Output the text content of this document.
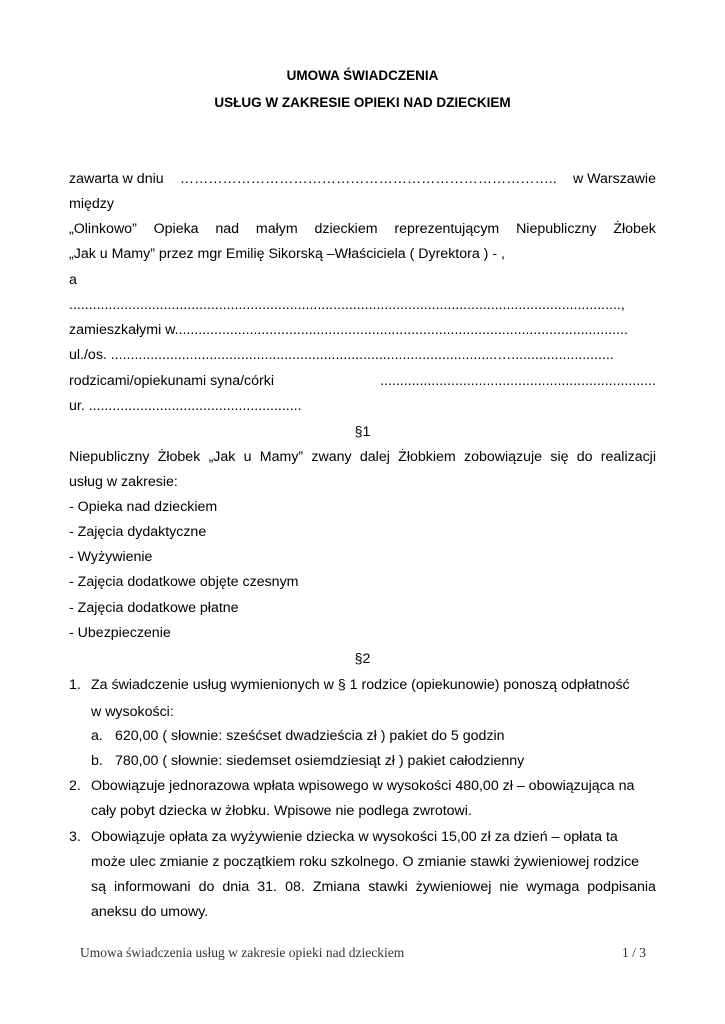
UMOWA ŚWIADCZENIA
USŁUG W ZAKRESIE OPIEKI NAD DZIECKIEM
zawarta w dniu …………………………………………………………………….. w Warszawie
między
„Olinkowo” Opieka nad małym dzieckiem reprezentującym Niepubliczny Żłobek
„Jak u Mamy” przez mgr Emilię Sikorską –Właściciela ( Dyrektora ) - ,
a
............................................................................................................................................,
zamieszkałymi w...................................................................................................................
ul./os. ..................................................................................................…..........................
rodzicami/opiekunami syna/córki	......................................................................
ur. ......................................................
§1
Niepubliczny Żłobek „Jak u Mamy” zwany dalej Żłobkiem zobowiązuje się do realizacji
usług w zakresie:
- Opieka nad dzieckiem
- Zajęcia dydaktyczne
- Wyżywienie
- Zajęcia dodatkowe objęte czesnym
- Zajęcia dodatkowe płatne
- Ubezpieczenie
§2
1. Za świadczenie usług wymienionych w § 1 rodzice (opiekunowie) ponoszą odpłatność
w wysokości:
a. 620,00 ( słownie: sześćset dwadzieścia zł ) pakiet do 5 godzin
b. 780,00 ( słownie: siedemset osiemdziesiąt zł ) pakiet całodzienny
2. Obowiązuje jednorazowa wpłata wpisowego w wysokości 480,00 zł – obowiązująca na
cały pobyt dziecka w żłobku. Wpisowe nie podlega zwrotowi.
3. Obowiązuje opłata za wyżywienie dziecka w wysokości 15,00 zł za dzień – opłata ta
może ulec zmianie z początkiem roku szkolnego. O zmianie stawki żywieniowej rodzice
są informowani do dnia 31. 08. Zmiana stawki żywieniowej nie wymaga podpisania
aneksu do umowy.
Umowa świadczenia usług w zakresie opieki nad dzieckiem	1 / 3
